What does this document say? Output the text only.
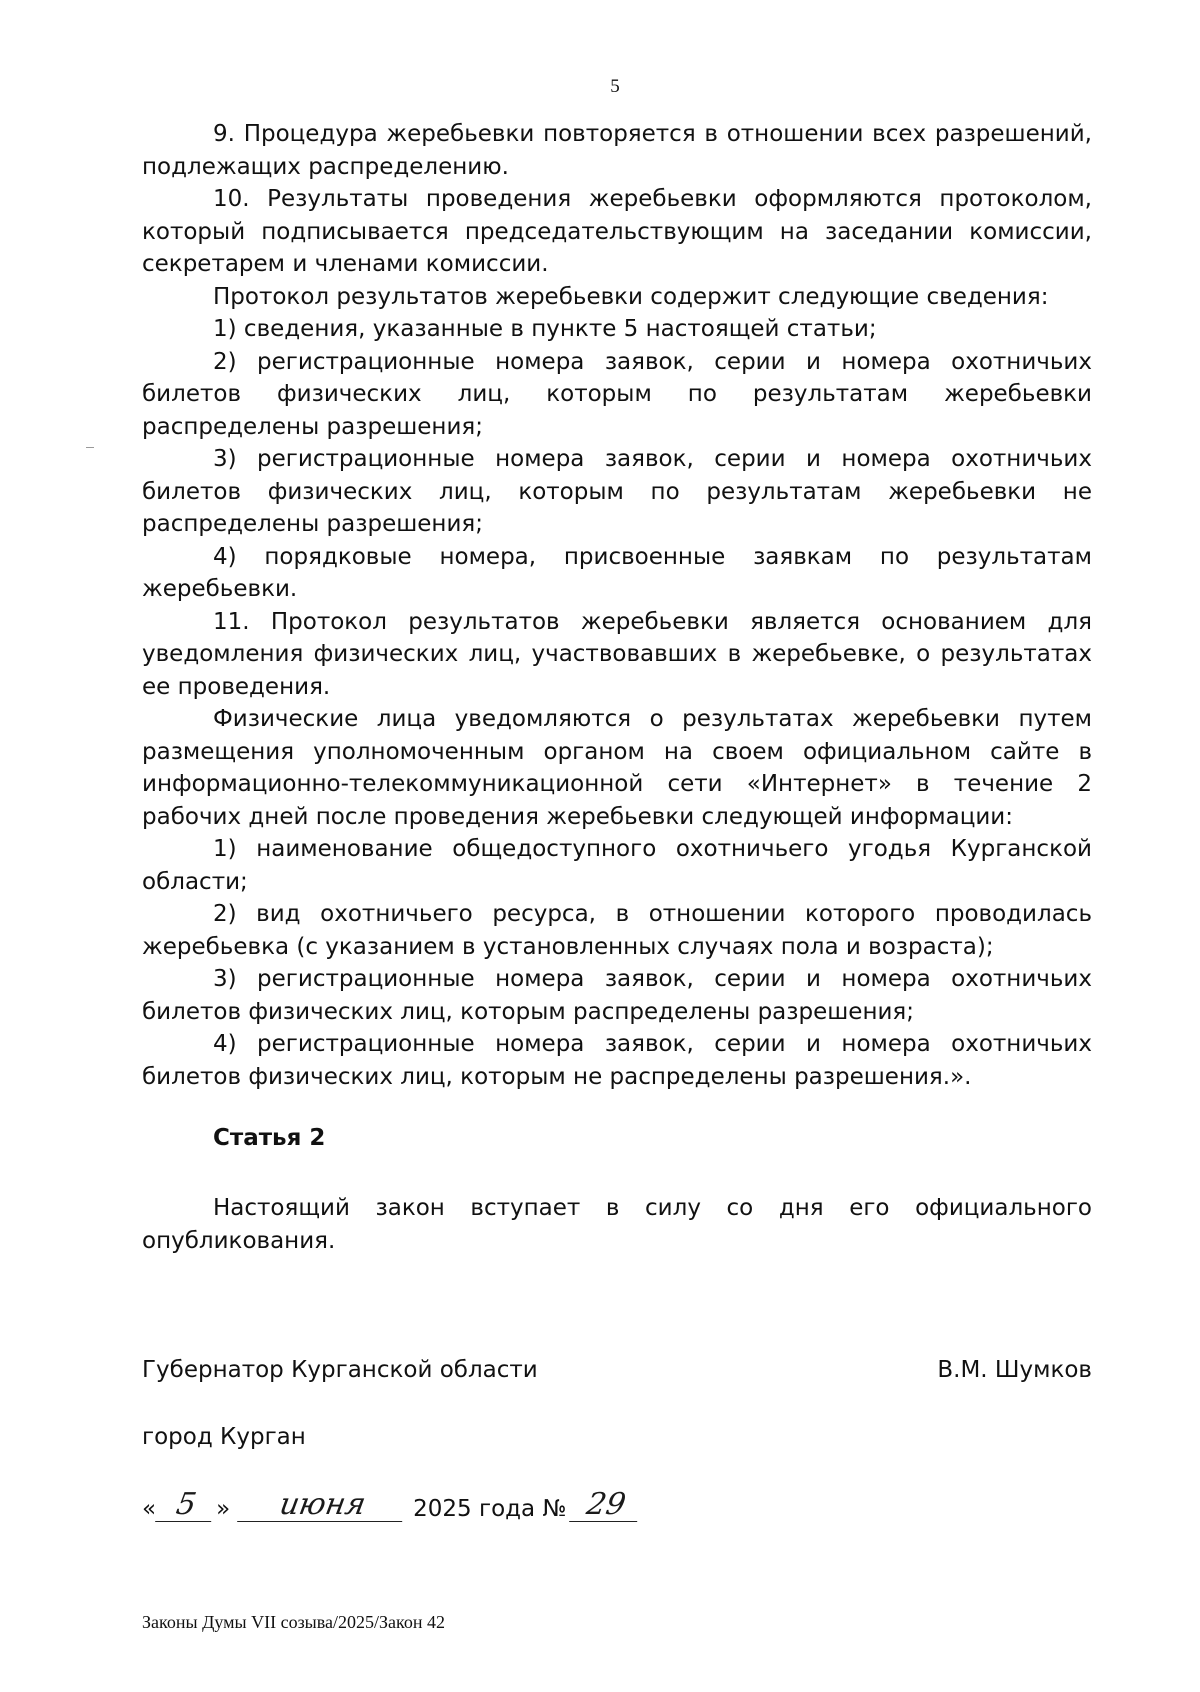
5

9. Процедура жеребьевки повторяется в отношении всех разрешений, подлежащих распределению.

10. Результаты проведения жеребьевки оформляются протоколом, который подписывается председательствующим на заседании комиссии, секретарем и членами комиссии.

Протокол результатов жеребьевки содержит следующие сведения:

1) сведения, указанные в пункте 5 настоящей статьи;

2) регистрационные номера заявок, серии и номера охотничьих билетов физических лиц, которым по результатам жеребьевки распределены разрешения;

3) регистрационные номера заявок, серии и номера охотничьих билетов физических лиц, которым по результатам жеребьевки не распределены разрешения;

4) порядковые номера, присвоенные заявкам по результатам жеребьевки.

11. Протокол результатов жеребьевки является основанием для уведомления физических лиц, участвовавших в жеребьевке, о результатах ее проведения.

Физические лица уведомляются о результатах жеребьевки путем размещения уполномоченным органом на своем официальном сайте в информационно-телекоммуникационной сети «Интернет» в течение 2 рабочих дней после проведения жеребьевки следующей информации:

1) наименование общедоступного охотничьего угодья Курганской области;

2) вид охотничьего ресурса, в отношении которого проводилась жеребьевка (с указанием в установленных случаях пола и возраста);

3) регистрационные номера заявок, серии и номера охотничьих билетов физических лиц, которым распределены разрешения;

4) регистрационные номера заявок, серии и номера охотничьих билетов физических лиц, которым не распределены разрешения.».

Статья 2

Настоящий закон вступает в силу со дня его официального опубликования.

Губернатор Курганской области	В.М. Шумков
город Курган
« 5 »	июня	2025 года № 29
Законы Думы VII созыва/2025/Закон 42
